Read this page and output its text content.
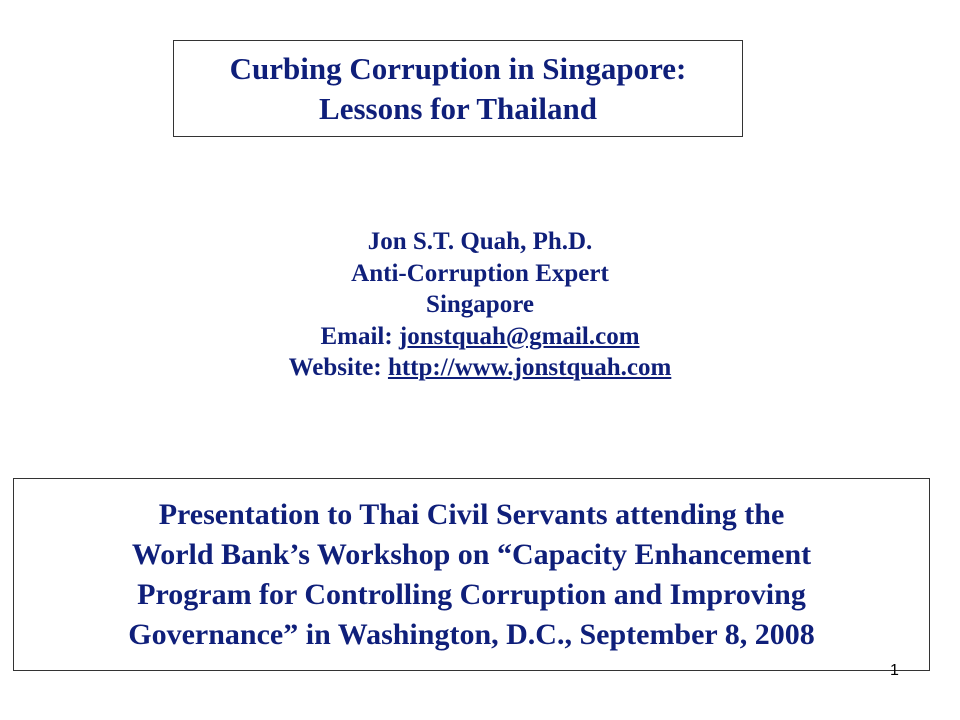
Curbing Corruption in Singapore:
Lessons for Thailand
Jon S.T. Quah, Ph.D.
Anti-Corruption Expert
Singapore
Email: jonstquah@gmail.com
Website: http://www.jonstquah.com
Presentation to Thai Civil Servants attending the
World Bank’s Workshop on “Capacity Enhancement
Program for Controlling Corruption and Improving
Governance” in Washington, D.C., September 8, 2008
1
